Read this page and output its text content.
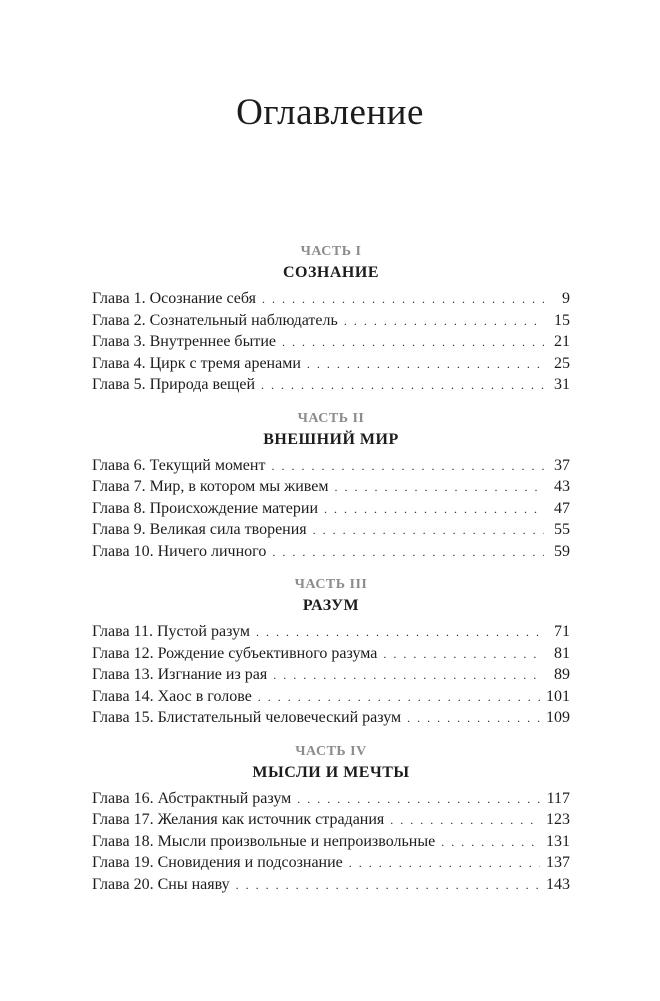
Оглавление
ЧАСТЬ I
СОЗНАНИЕ
Глава 1. Осознание себя . . .	9
Глава 2. Сознательный наблюдатель . . .	15
Глава 3. Внутреннее бытие . . .	21
Глава 4. Цирк с тремя аренами . . .	25
Глава 5. Природа вещей . . .	31
ЧАСТЬ II
ВНЕШНИЙ МИР
Глава 6. Текущий момент . . .	37
Глава 7. Мир, в котором мы живем . . .	43
Глава 8. Происхождение материи . . .	47
Глава 9. Великая сила творения . . .	55
Глава 10. Ничего личного . . .	59
ЧАСТЬ III
РАЗУМ
Глава 11. Пустой разум . . .	71
Глава 12. Рождение субъективного разума . . .	81
Глава 13. Изгнание из рая . . .	89
Глава 14. Хаос в голове . . .	101
Глава 15. Блистательный человеческий разум . . .	109
ЧАСТЬ IV
МЫСЛИ И МЕЧТЫ
Глава 16. Абстрактный разум . . .	117
Глава 17. Желания как источник страдания . . .	123
Глава 18. Мысли произвольные и непроизвольные . . .	131
Глава 19. Сновидения и подсознание . . .	137
Глава 20. Сны наяву . . .	143
